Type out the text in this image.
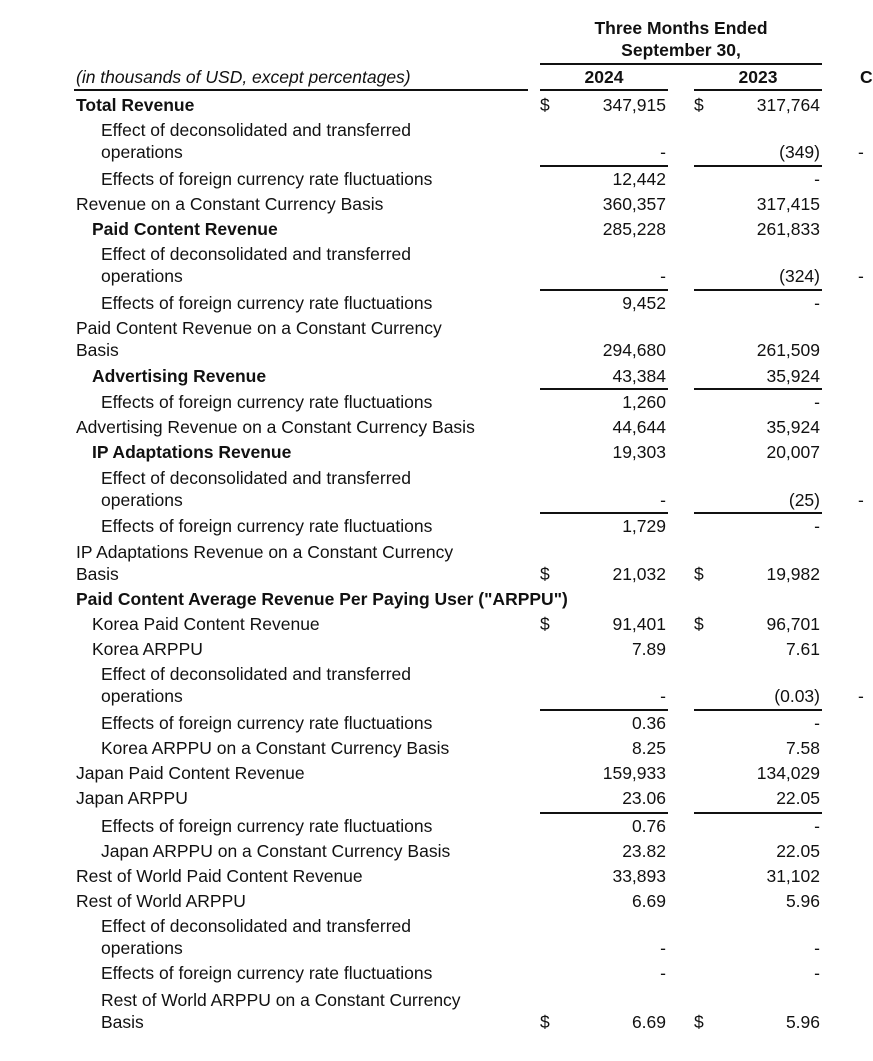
Three Months Ended
September 30,
(in thousands of USD, except percentages)	2024	2023	C
Total Revenue	$	347,915 $	317,764
Effect of deconsolidated and transferred
operations	-	(349) -
Effects of foreign currency rate fluctuations	12,442	-
Revenue on a Constant Currency Basis	360,357	317,415
Paid Content Revenue	285,228	261,833
Effect of deconsolidated and transferred
operations	-	(324) -
Effects of foreign currency rate fluctuations	9,452	-
Paid Content Revenue on a Constant Currency
Basis	294,680	261,509
Advertising Revenue	43,384	35,924
Effects of foreign currency rate fluctuations	1,260	-
Advertising Revenue on a Constant Currency Basis	44,644	35,924
IP Adaptations Revenue	19,303	20,007
Effect of deconsolidated and transferred
operations	-	(25) -
Effects of foreign currency rate fluctuations	1,729	-
IP Adaptations Revenue on a Constant Currency
Basis	$	21,032 $	19,982
Paid Content Average Revenue Per Paying User ("ARPPU")
Korea Paid Content Revenue	$	91,401 $	96,701
Korea ARPPU	7.89	7.61
Effect of deconsolidated and transferred
operations	-	(0.03) -
Effects of foreign currency rate fluctuations	0.36	-
Korea ARPPU on a Constant Currency Basis	8.25	7.58
Japan Paid Content Revenue	159,933	134,029
Japan ARPPU	23.06	22.05
Effects of foreign currency rate fluctuations	0.76	-
Japan ARPPU on a Constant Currency Basis	23.82	22.05
Rest of World Paid Content Revenue	33,893	31,102
Rest of World ARPPU	6.69	5.96
Effect of deconsolidated and transferred
operations	-	-
Effects of foreign currency rate fluctuations	-	-
Rest of World ARPPU on a Constant Currency
Basis	$	6.69 $	5.96
